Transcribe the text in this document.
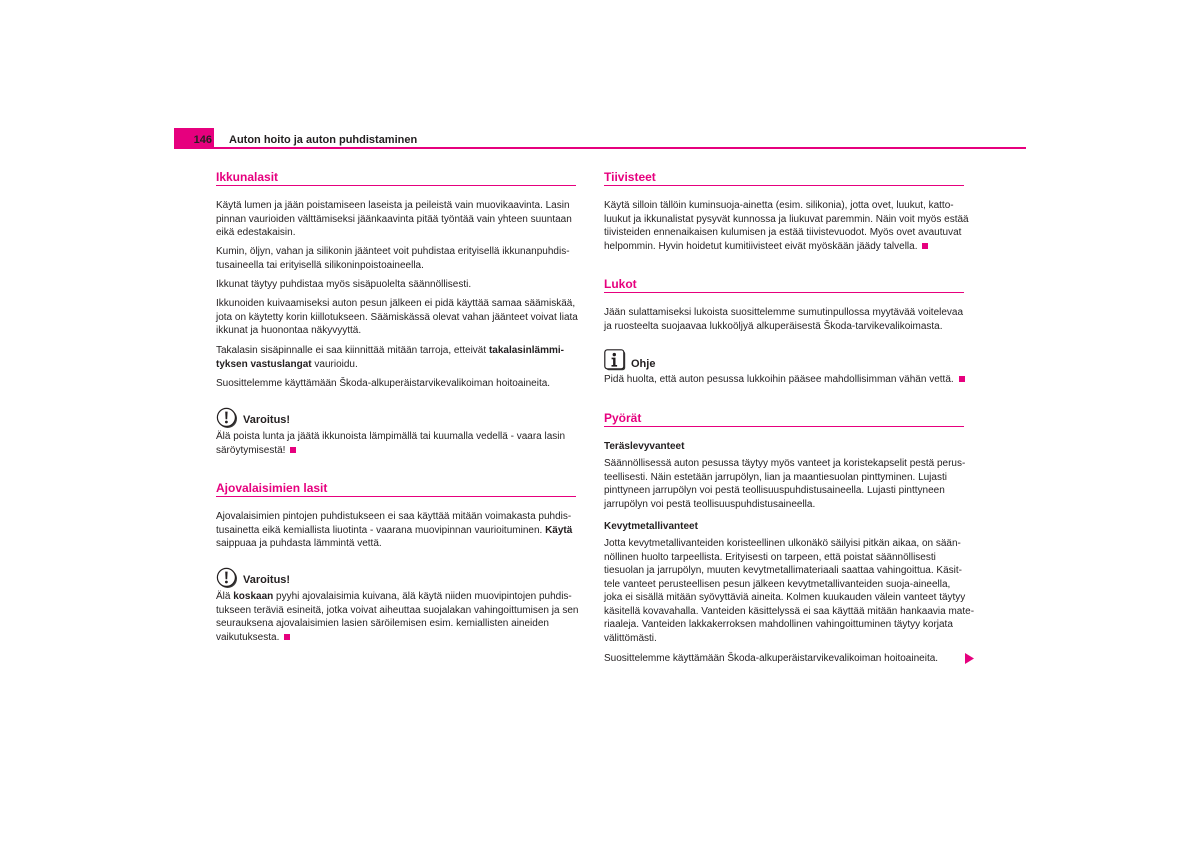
146 Auton hoito ja auton puhdistaminen
Ikkunalasit
Käytä lumen ja jään poistamiseen laseista ja peileistä vain muovikaavinta. Lasin
pinnan vaurioiden välttämiseksi jäänkaavinta pitää työntää vain yhteen suuntaan
eikä edestakaisin.
Kumin, öljyn, vahan ja silikonin jäänteet voit puhdistaa erityisellä ikkunanpuhdis-
tusaineella tai erityisellä silikoninpoistoaineella.
Ikkunat täytyy puhdistaa myös sisäpuolelta säännöllisesti.
Ikkunoiden kuivaamiseksi auton pesun jälkeen ei pidä käyttää samaa säämiskää,
jota on käytetty korin kiillotukseen. Säämiskässä olevat vahan jäänteet voivat liata
ikkunat ja huonontaa näkyvyyttä.
Takalasin sisäpinnalle ei saa kiinnittää mitään tarroja, etteivät takalasinlämmi-
tyksen vastuslangat vaurioidu.
Suosittelemme käyttämään Škoda-alkuperäistarvikevalikoiman hoitoaineita.
Varoitus!
Älä poista lunta ja jäätä ikkunoista lämpimällä tai kuumalla vedellä - vaara lasin
säröytymisestä!
Ajovalaisimien lasit
Ajovalaisimien pintojen puhdistukseen ei saa käyttää mitään voimakasta puhdis-
tusainetta eikä kemiallista liuotinta - vaarana muovipinnan vaurioituminen. Käytä
saippuaa ja puhdasta lämmintä vettä.
Varoitus!
Älä koskaan pyyhi ajovalaisimia kuivana, älä käytä niiden muovipintojen puhdis-
tukseen teräviä esineitä, jotka voivat aiheuttaa suojalakan vahingoittumisen ja sen
seurauksena ajovalaisimien lasien säröilemisen esim. kemiallisten aineiden
vaikutuksesta.
Tiivisteet
Käytä silloin tällöin kuminsuoja-ainetta (esim. silikonia), jotta ovet, luukut, katto-
luukut ja ikkunalistat pysyvät kunnossa ja liukuvat paremmin. Näin voit myös estää
tiivisteiden ennenaikaisen kulumisen ja estää tiivistevuodot. Myös ovet avautuvat
helpommin. Hyvin hoidetut kumitiivisteet eivät myöskään jäädy talvella.
Lukot
Jään sulattamiseksi lukoista suosittelemme sumutinpullossa myytävää voitelevaa
ja ruosteelta suojaavaa lukkoöljyä alkuperäisestä Škoda-tarvikevalikoimasta.
Ohje
Pidä huolta, että auton pesussa lukkoihin pääsee mahdollisimman vähän vettä.
Pyörät
Teräslevyvanteet
Säännöllisessä auton pesussa täytyy myös vanteet ja koristekapselit pestä perus-
teellisesti. Näin estetään jarrupölyn, lian ja maantiesuolan pinttyminen. Lujasti
pinttyneen jarrupölyn voi pestä teollisuuspuhdistusaineella. Lujasti pinttyneen
jarrupölyn voi pestä teollisuuspuhdistusaineella.
Kevytmetallivanteet
Jotta kevytmetallivanteiden koristeellinen ulkonäkö säilyisi pitkän aikaa, on sään-
nöllinen huolto tarpeellista. Erityisesti on tarpeen, että poistat säännöllisesti
tiesuolan ja jarrupölyn, muuten kevytmetallimateriaali saattaa vahingoittua. Käsit-
tele vanteet perusteellisen pesun jälkeen kevytmetallivanteiden suoja-aineella,
joka ei sisällä mitään syövyttäviä aineita. Kolmen kuukauden välein vanteet täytyy
käsitellä kovavahalla. Vanteiden käsittelyssä ei saa käyttää mitään hankaavia mate-
riaaleja. Vanteiden lakkakerroksen mahdollinen vahingoittuminen täytyy korjata
välittömästi.
Suosittelemme käyttämään Škoda-alkuperäistarvikevalikoiman hoitoaineita.
